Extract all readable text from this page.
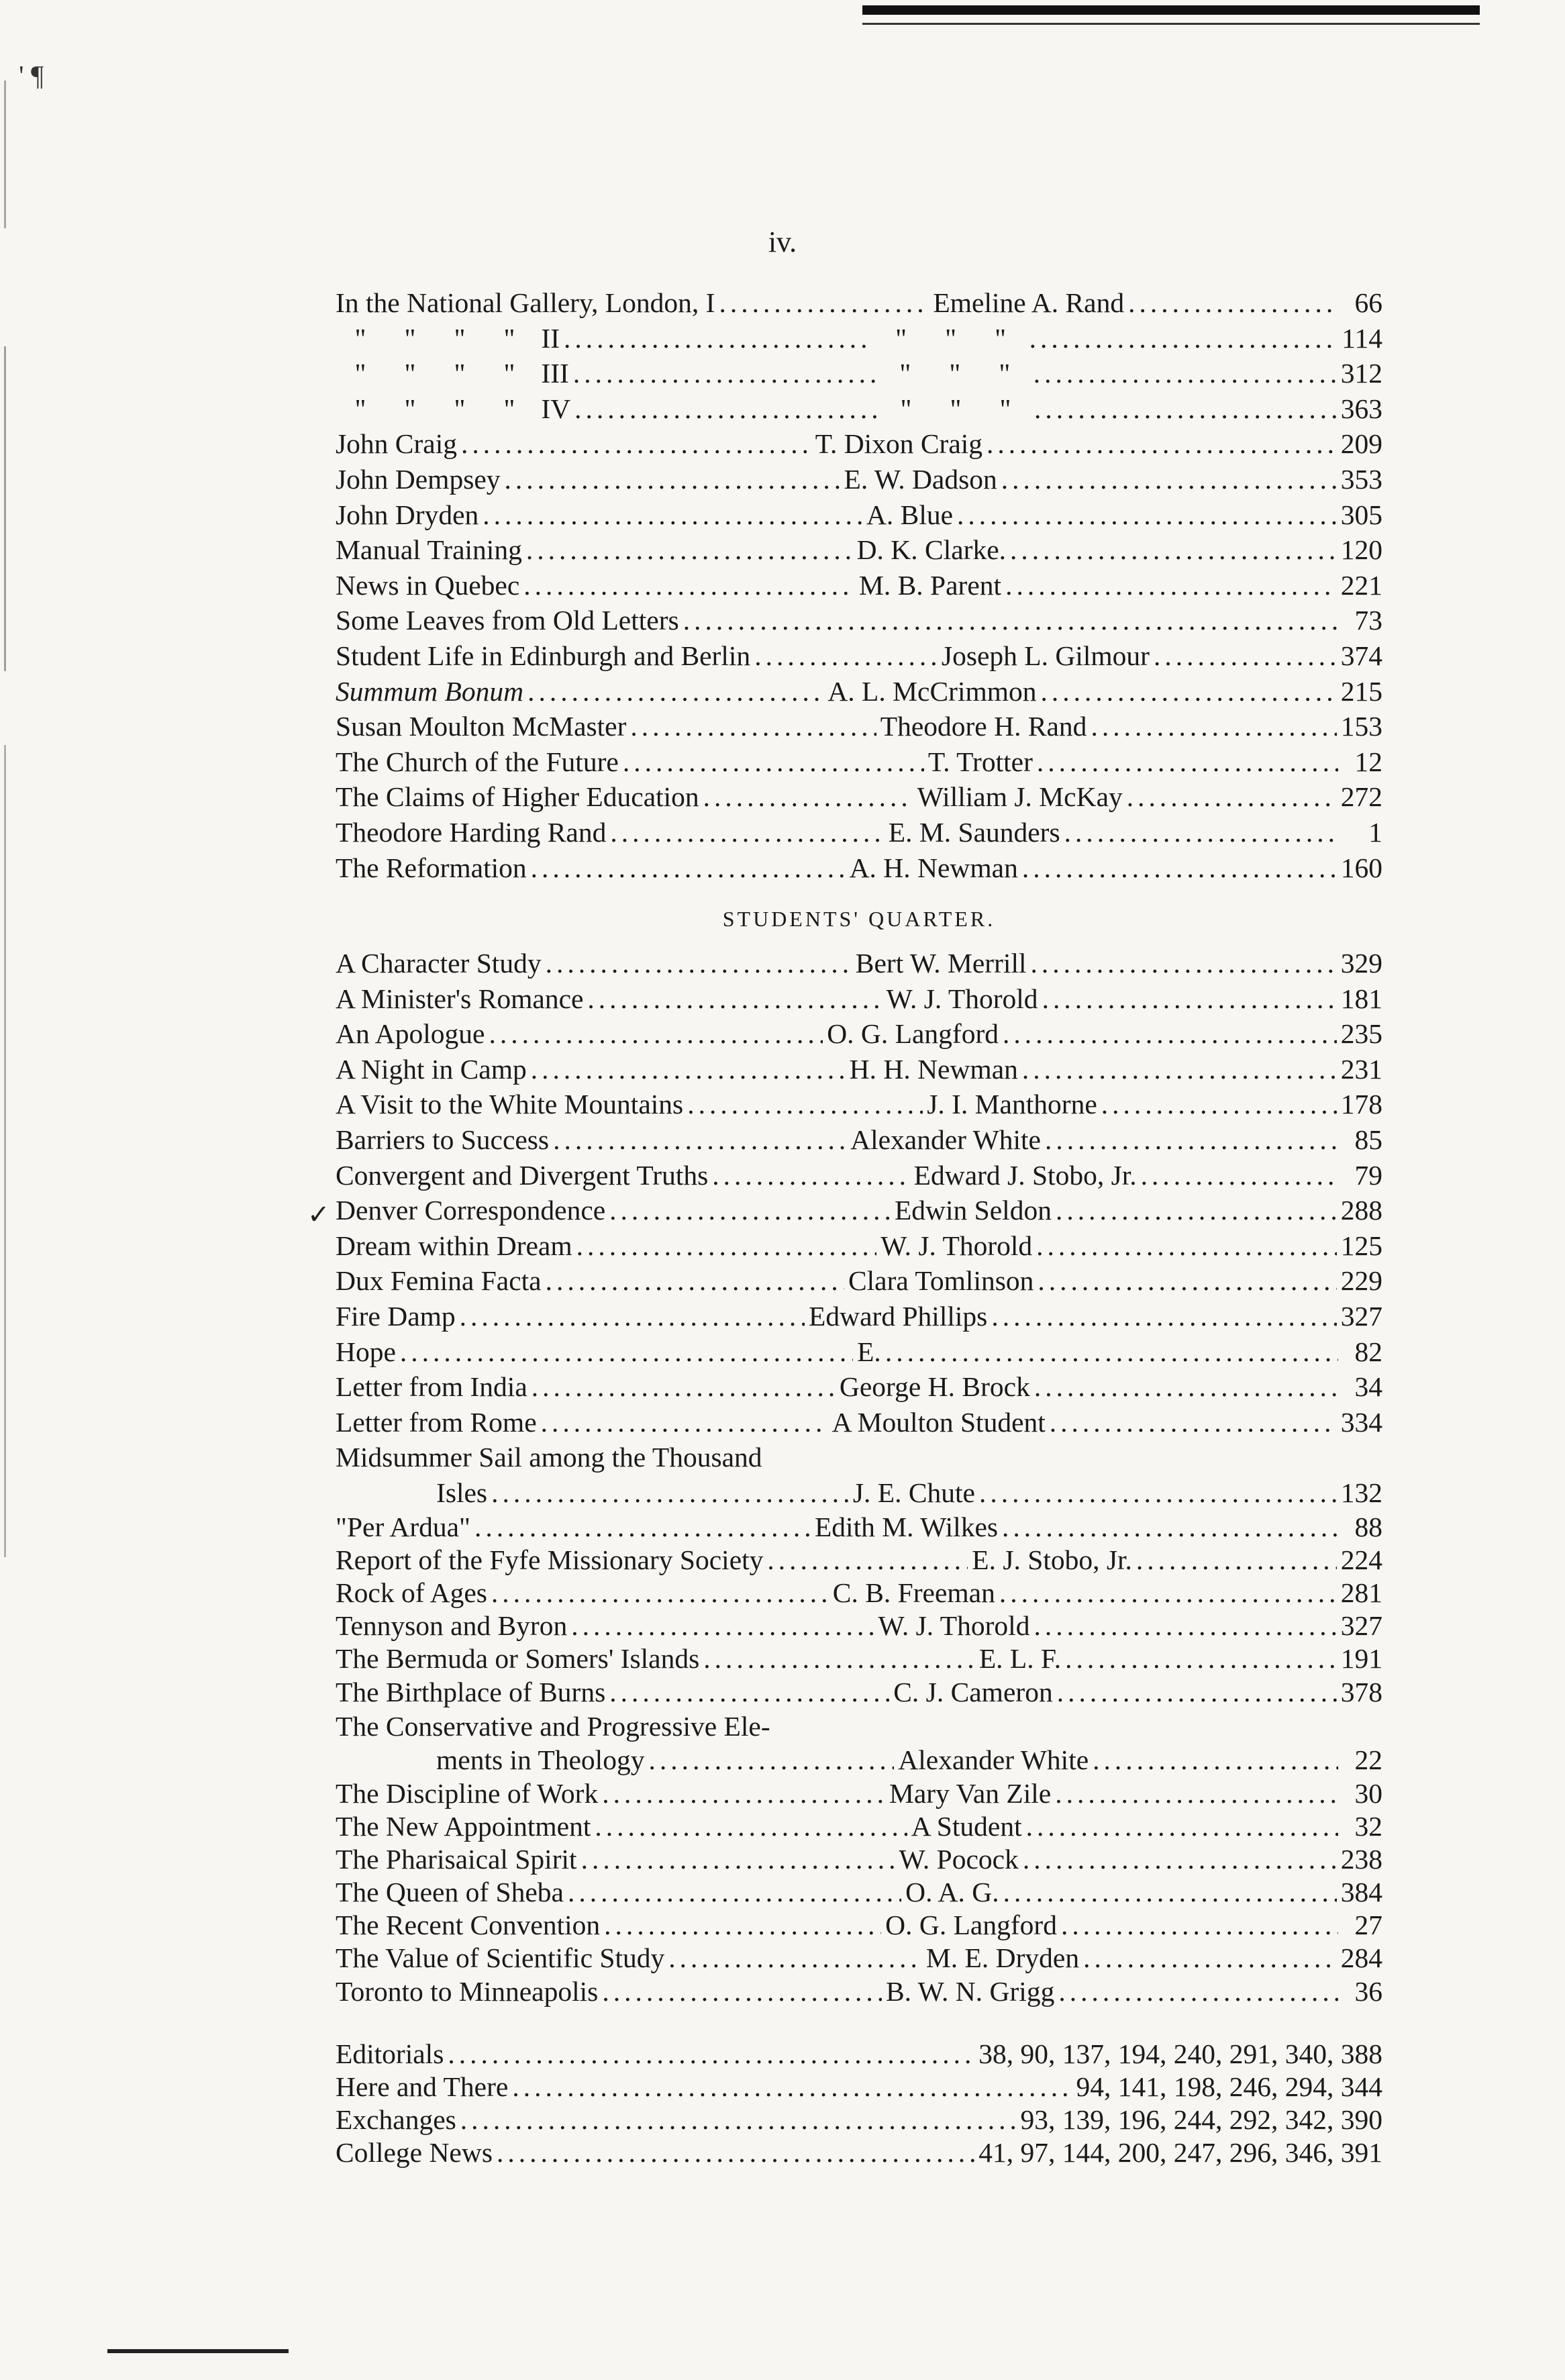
' ¶
iv.
✓
In the National Gallery, London, I .....	Emeline A. Rand .....	66
" " " " II .....	" " " .....	114
" " " " III .....	" " " .....	312
" " " " IV .....	" " " .....	363
John Craig .....	T. Dixon Craig .....	209
John Dempsey .....	E. W. Dadson .....	353
John Dryden .....	A. Blue .....	305
Manual Training .....	D. K. Clarke. .....	120
News in Quebec .....	M. B. Parent .....	221
Some Leaves from Old Letters .....	73
Student Life in Edinburgh and Berlin .....	Joseph L. Gilmour .....	374
Summum Bonum .....	A. L. McCrimmon .....	215
Susan Moulton McMaster .....	Theodore H. Rand .....	153
The Church of the Future .....	T. Trotter .....	12
The Claims of Higher Education .....	William J. McKay .....	272
Theodore Harding Rand .....	E. M. Saunders .....	1
The Reformation .....	A. H. Newman .....	160
STUDENTS' QUARTER.
A Character Study .....	Bert W. Merrill .....	329
A Minister's Romance .....	W. J. Thorold .....	181
An Apologue .....	O. G. Langford .....	235
A Night in Camp .....	H. H. Newman .....	231
A Visit to the White Mountains .....	J. I. Manthorne .....	178
Barriers to Success .....	Alexander White .....	85
Convergent and Divergent Truths .....	Edward J. Stobo, Jr. .....	79
Denver Correspondence .....	Edwin Seldon .....	288
Dream within Dream .....	W. J. Thorold .....	125
Dux Femina Facta .....	Clara Tomlinson .....	229
Fire Damp .....	Edward Phillips .....	327
Hope .....	E. .....	82
Letter from India .....	George H. Brock .....	34
Letter from Rome .....	A Moulton Student .....	334
Midsummer Sail among the Thousand
Isles .....	J. E. Chute .....	132
"Per Ardua" .....	Edith M. Wilkes .....	88
Report of the Fyfe Missionary Society .....	E. J. Stobo, Jr. .....	224
Rock of Ages .....	C. B. Freeman .....	281
Tennyson and Byron .....	W. J. Thorold .....	327
The Bermuda or Somers' Islands .....	E. L. F. .....	191
The Birthplace of Burns .....	C. J. Cameron .....	378
The Conservative and Progressive Ele-
ments in Theology .....	Alexander White .....	22
The Discipline of Work .....	Mary Van Zile .....	30
The New Appointment .....	A Student .....	32
The Pharisaical Spirit .....	W. Pocock .....	238
The Queen of Sheba .....	O. A. G. .....	384
The Recent Convention .....	O. G. Langford .....	27
The Value of Scientific Study .....	M. E. Dryden .....	284
Toronto to Minneapolis .....	B. W. N. Grigg .....	36
Editorials .....	38, 90, 137, 194, 240, 291, 340, 388
Here and There .....	94, 141, 198, 246, 294, 344
Exchanges .....	93, 139, 196, 244, 292, 342, 390
College News .....	41, 97, 144, 200, 247, 296, 346, 391
